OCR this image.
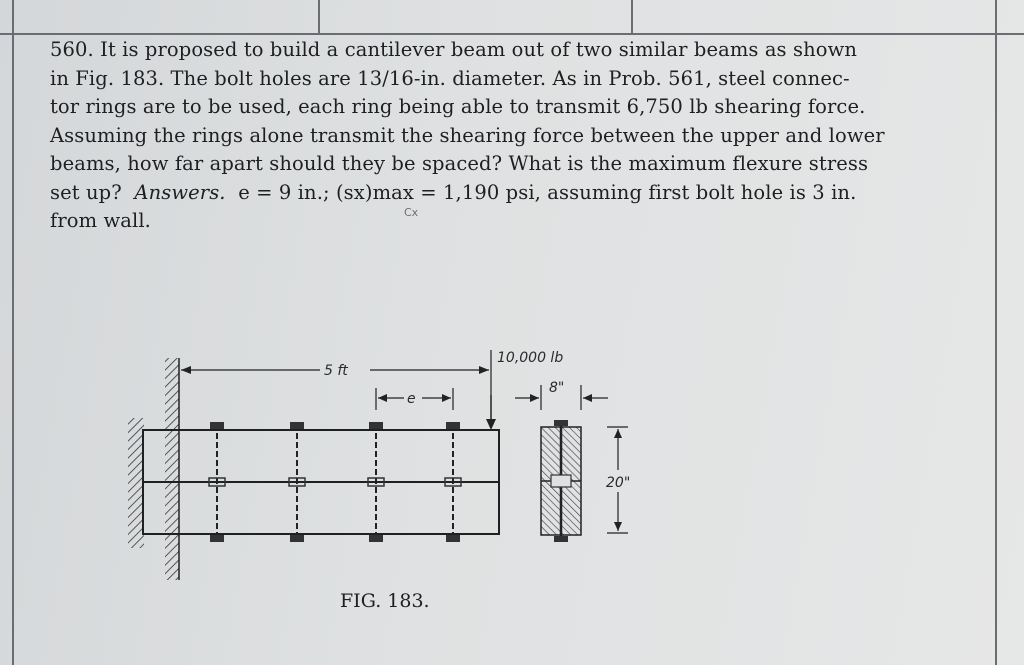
560. It is proposed to build a cantilever beam out of two similar beams as shown

in Fig. 183. The bolt holes are 13/16-in. diameter. As in Prob. 561, steel connec-

tor rings are to be used, each ring being able to transmit 6,750 lb shearing force.

Assuming the rings alone transmit the shearing force between the upper and lower

beams, how far apart should they be spaced? What is the maximum flexure stress

set up? Answers. e = 9 in.; (sx)max = 1,190 psi, assuming first bolt hole is 3 in.

from wall.	Cx
5 ft
e
10,000 lb
8"
20"
FIG. 183.
